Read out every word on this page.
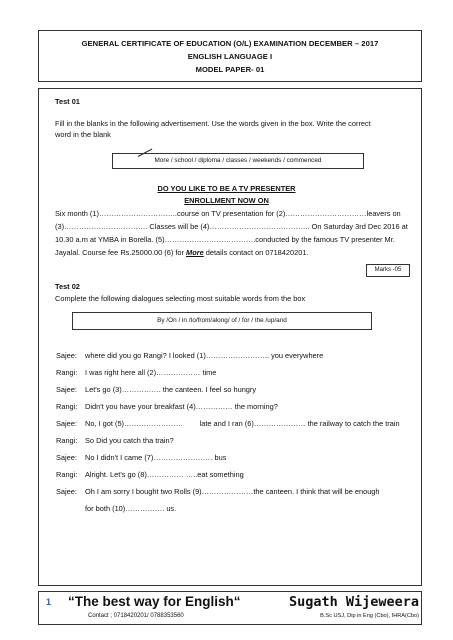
GENERAL CERTIFICATE OF EDUCATION (O/L) EXAMINATION DECEMBER – 2017
ENGLISH LANGUAGE I
MODEL PAPER- 01
Test 01
Fill in the blanks in the following advertisement. Use the words given in the box. Write the correct
word in the blank
More / school / diploma / classes / weekends / commenced
DO YOU LIKE TO BE A TV PRESENTER
ENROLLMENT NOW ON
Six month (1)…………………………..course on TV presentation for (2)……………………………leavers on
(3)……………………………. Classes will be (4)………………………………….. On Saturday 3rd Dec 2016 at
10.30 a.m at YMBA in Borella. (5)……………………………….conducted by the famous TV presenter Mr.
Jayalal. Course fee Rs.25000.00 (6) for More details contact on 0718420201.
Marks -05
Test 02
Complete the following dialogues selecting most suitable words from the box
By /On / in /to/from/along/ of / for / the /up/and
Sajee: where did you go Rangi? I looked (1)…………………….. you everywhere
Rangi: I was right here all (2)……………… time
Sajee: Let's go (3)……………. the canteen. I feel so hungry
Rangi: Didn't you have your breakfast (4)…………… the morning?
Sajee: No, I got (5)……………………        late and I ran (6)………………… the railway to catch the train
Rangi: So Did you catch tha train?
Sajee: No I didn't I came (7)…………………… bus
Rangi: Alright. Let's go (8)…………… …..eat something
Sajee: Oh I am sorry I bought two Rolls (9)…………………the canteen. I think that will be enough
for both (10)……………. us.
1 “The best way for English“
Contact ; 0718420201/ 0788353560
Sugath Wijeweera
B.Sc USJ, Dip in Eng (Cbo), IHRA(Cbo)
